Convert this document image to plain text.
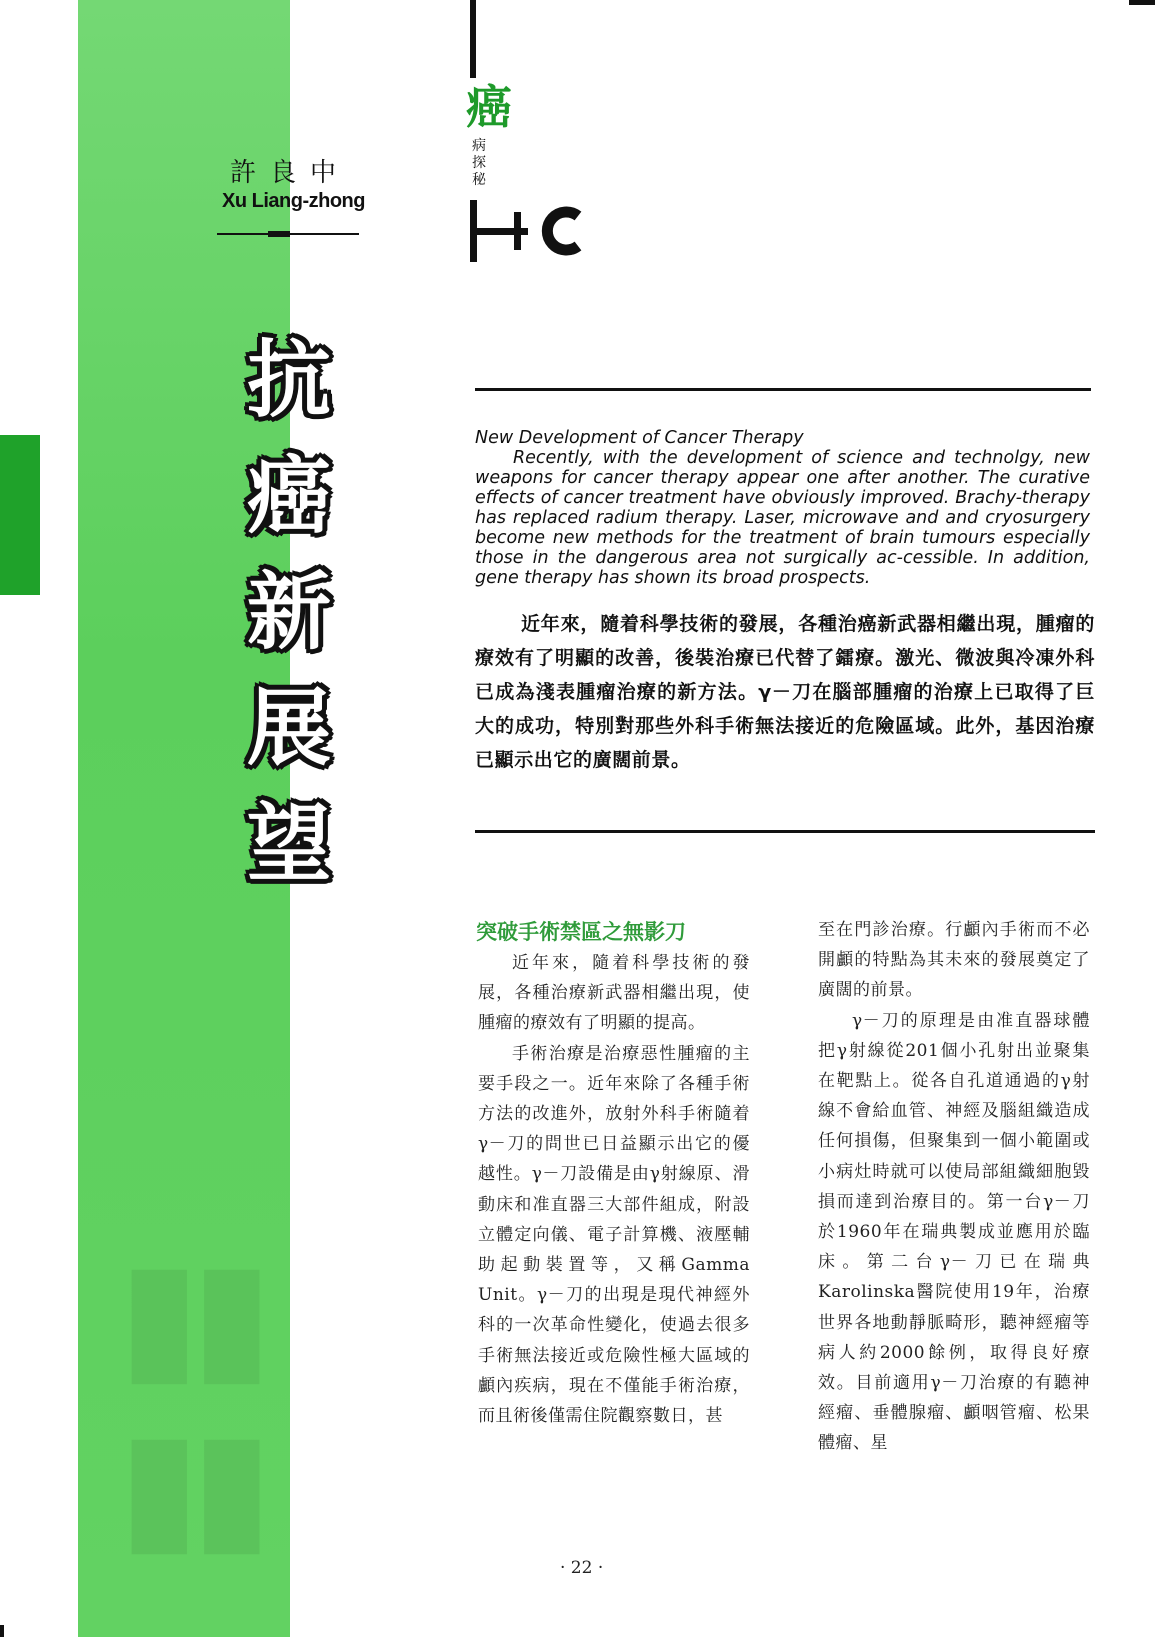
▮▮
▮▮
許良中
Xu Liang-zhong
抗
癌
新
展
望
癌
病
探
秘
New Development of Cancer Therapy
Recently, with the development of science and technolgy, new weapons for cancer therapy appear one after another. The curative effects of cancer treatment have obviously improved. Brachy-therapy has replaced radium therapy. Laser, microwave and and cryosurgery become new methods for the treatment of brain tumours especially those in the dangerous area not surgically ac-cessible. In addition, gene therapy has shown its broad prospects.
近年來，隨着科學技術的發展，各種治癌新武器相繼出現，腫瘤的療效有了明顯的改善，後裝治療已代替了鐳療。激光、微波與冷凍外科已成為淺表腫瘤治療的新方法。γ－刀在腦部腫瘤的治療上已取得了巨大的成功，特別對那些外科手術無法接近的危險區域。此外，基因治療已顯示出它的廣闊前景。
突破手術禁區之無影刀

近年來，隨着科學技術的發展，各種治療新武器相繼出現，使腫瘤的療效有了明顯的提高。

手術治療是治療惡性腫瘤的主要手段之一。近年來除了各種手術方法的改進外，放射外科手術隨着γ－刀的問世已日益顯示出它的優越性。γ－刀設備是由γ射線原、滑動床和准直器三大部件組成，附設立體定向儀、電子計算機、液壓輔助起動裝置等，又稱Gamma Unit。γ－刀的出現是現代神經外科的一次革命性變化，使過去很多手術無法接近或危險性極大區域的顱內疾病，現在不僅能手術治療，而且術後僅需住院觀察數日，甚

至在門診治療。行顱內手術而不必開顱的特點為其未來的發展奠定了廣闊的前景。

γ－刀的原理是由准直器球體把γ射線從201個小孔射出並聚集在靶點上。從各自孔道通過的γ射線不會給血管、神經及腦組織造成任何損傷，但聚集到一個小範圍或小病灶時就可以使局部組織細胞毀損而達到治療目的。第一台γ－刀於1960年在瑞典製成並應用於臨床。第二台γ－刀已在瑞典Karolinska醫院使用19年，治療世界各地動靜脈畸形，聽神經瘤等病人約2000餘例，取得良好療效。目前適用γ－刀治療的有聽神經瘤、垂體腺瘤、顱咽管瘤、松果體瘤、星

· 22 ·
